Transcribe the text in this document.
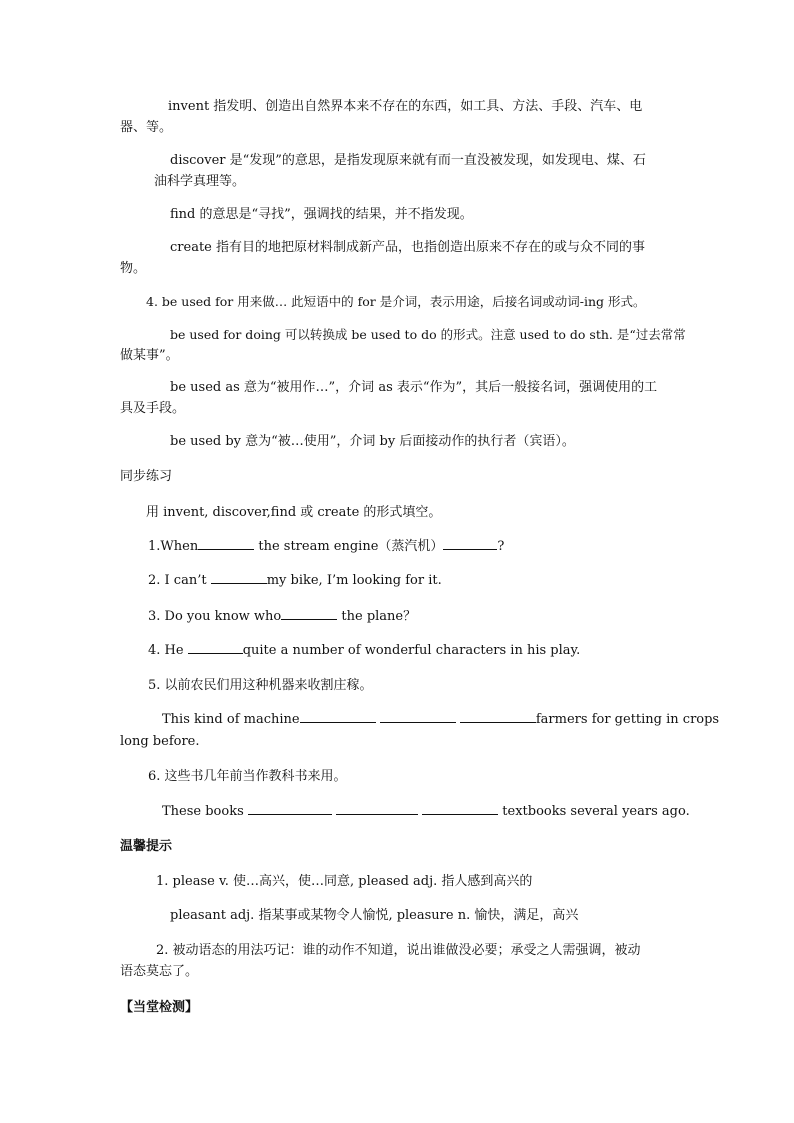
invent 指发明、创造出自然界本来不存在的东西，如工具、方法、手段、汽车、电
器、等。
discover 是“发现”的意思，是指发现原来就有而一直没被发现，如发现电、煤、石
油科学真理等。
find 的意思是“寻找”，强调找的结果，并不指发现。
create 指有目的地把原材料制成新产品，也指创造出原来不存在的或与众不同的事
物。
4. be used for 用来做… 此短语中的 for 是介词，表示用途，后接名词或动词-ing 形式。
be used for doing 可以转换成 be used to do 的形式。注意 used to do sth. 是“过去常常
做某事”。
be used as 意为“被用作…”，介词 as 表示“作为”，其后一般接名词，强调使用的工
具及手段。
be used by 意为“被…使用”，介词 by 后面接动作的执行者（宾语）。
同步练习
用 invent, discover,find 或 create 的形式填空。
1.When	the stream engine（蒸汽机）	?
2. I can’t	my bike, I’m looking for it.
3. Do you know who	the plane？
4. He	quite a number of wonderful characters in his play.
5. 以前农民们用这种机器来收割庄稼。
This kind of machine	farmers for getting in crops
long before.
6. 这些书几年前当作教科书来用。
These books	textbooks several years ago.
温馨提示
1. please v. 使…高兴，使…同意, pleased adj. 指人感到高兴的
pleasant adj. 指某事或某物令人愉悦, pleasure n. 愉快，满足，高兴
2. 被动语态的用法巧记：谁的动作不知道，说出谁做没必要；承受之人需强调，被动
语态莫忘了。
【当堂检测】
